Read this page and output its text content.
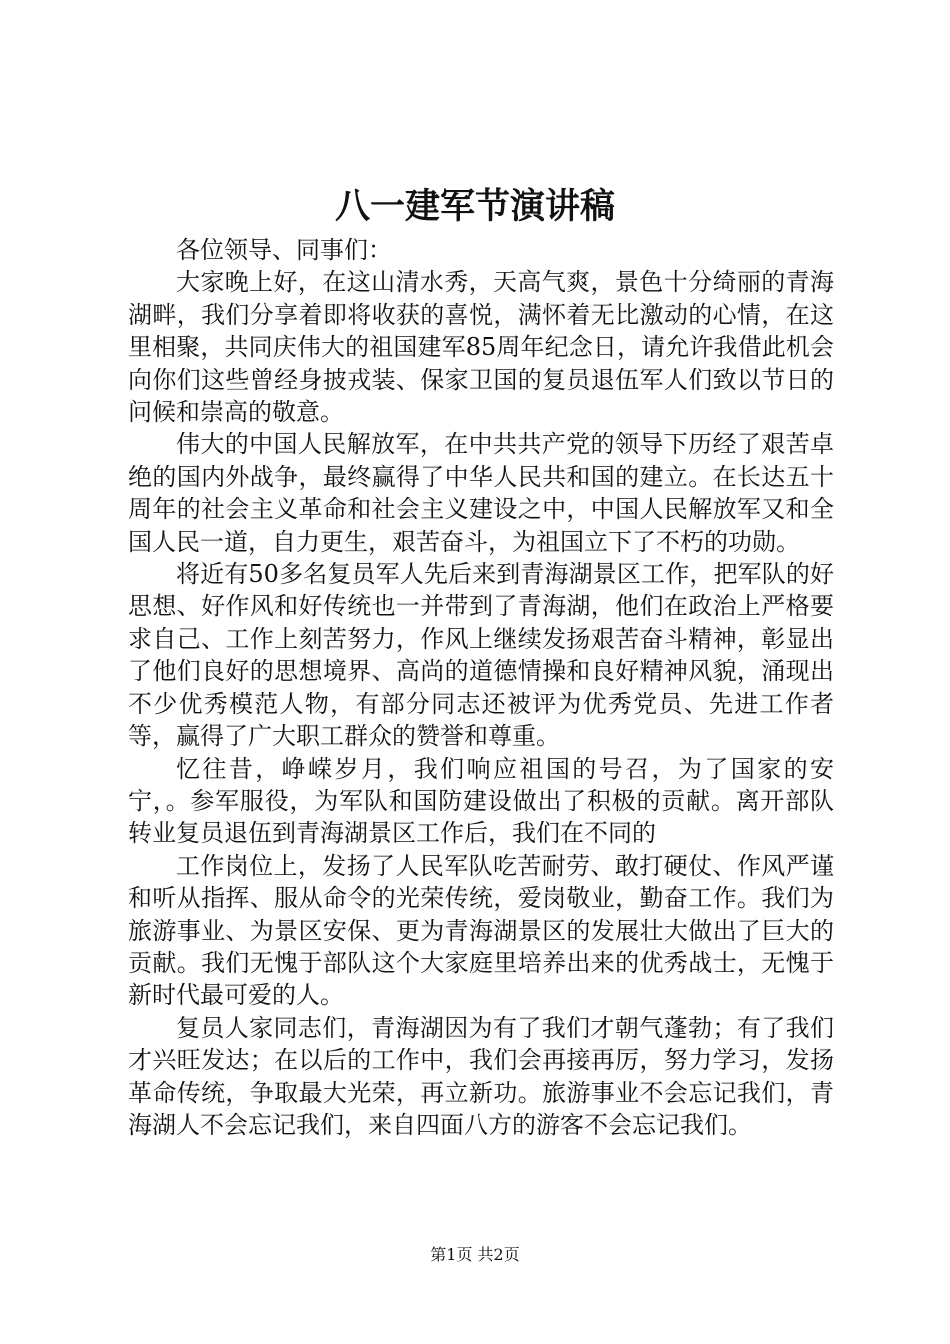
八一建军节演讲稿

各位领导、同事们：

大家晚上好，在这山清水秀，天高气爽，景色十分绮丽的青海湖畔，我们分享着即将收获的喜悦，满怀着无比激动的心情，在这里相聚，共同庆伟大的祖国建军85周年纪念日，请允许我借此机会向你们这些曾经身披戎装、保家卫国的复员退伍军人们致以节日的问候和崇高的敬意。

伟大的中国人民解放军，在中共共产党的领导下历经了艰苦卓绝的国内外战争，最终赢得了中华人民共和国的建立。在长达五十周年的社会主义革命和社会主义建设之中，中国人民解放军又和全国人民一道，自力更生，艰苦奋斗，为祖国立下了不朽的功勋。

将近有50多名复员军人先后来到青海湖景区工作，把军队的好思想、好作风和好传统也一并带到了青海湖，他们在政治上严格要求自己、工作上刻苦努力，作风上继续发扬艰苦奋斗精神，彰显出了他们良好的思想境界、高尚的道德情操和良好精神风貌，涌现出不少优秀模范人物，有部分同志还被评为优秀党员、先进工作者等，赢得了广大职工群众的赞誉和尊重。

忆往昔，峥嵘岁月，我们响应祖国的号召，为了国家的安宁，。参军服役，为军队和国防建设做出了积极的贡献。离开部队转业复员退伍到青海湖景区工作后，我们在不同的

工作岗位上，发扬了人民军队吃苦耐劳、敢打硬仗、作风严谨和听从指挥、服从命令的光荣传统，爱岗敬业，勤奋工作。我们为旅游事业、为景区安保、更为青海湖景区的发展壮大做出了巨大的贡献。我们无愧于部队这个大家庭里培养出来的优秀战士，无愧于新时代最可爱的人。

复员人家同志们，青海湖因为有了我们才朝气蓬勃；有了我们才兴旺发达；在以后的工作中，我们会再接再厉，努力学习，发扬革命传统，争取最大光荣，再立新功。旅游事业不会忘记我们，青海湖人不会忘记我们，来自四面八方的游客不会忘记我们。

第1页 共2页
